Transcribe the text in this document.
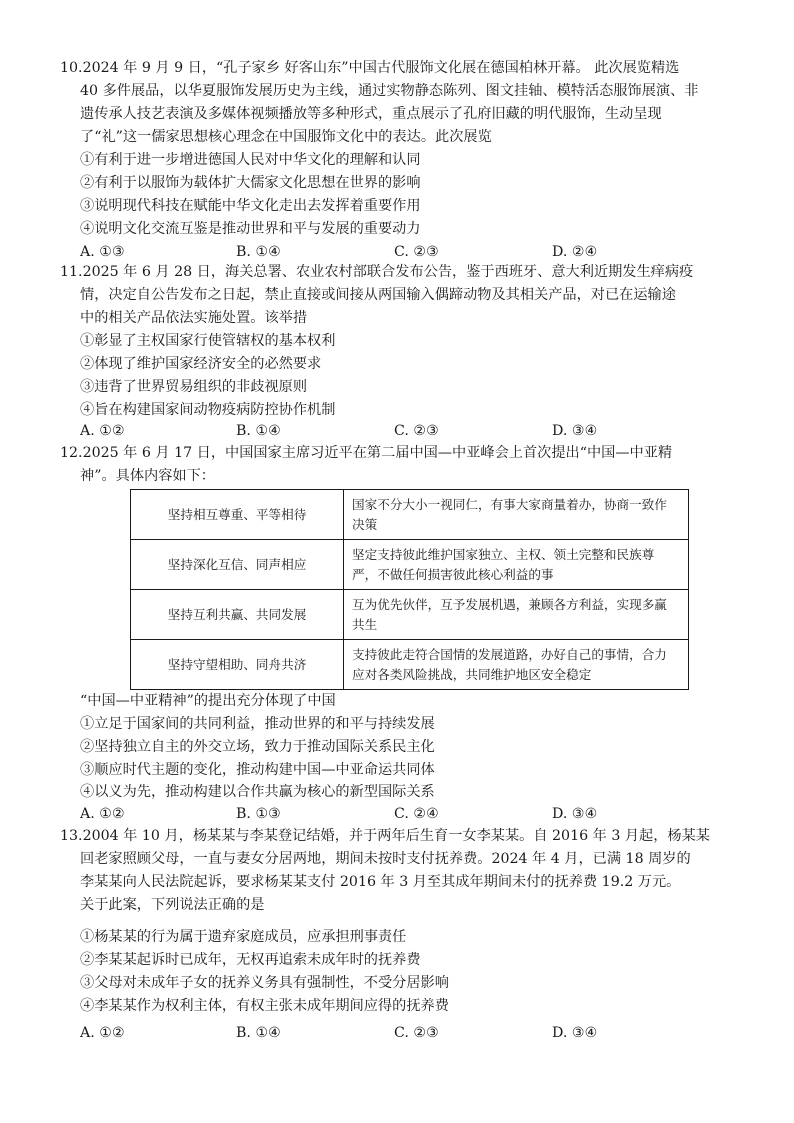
10.2024 年 9 月 9 日，“孔子家乡 好客山东”中国古代服饰文化展在德国柏林开幕。 此次展览精选
40 多件展品，以华夏服饰发展历史为主线，通过实物静态陈列、图文挂轴、模特活态服饰展演、非
遗传承人技艺表演及多媒体视频播放等多种形式，重点展示了孔府旧藏的明代服饰，生动呈现
了“礼”这一儒家思想核心理念在中国服饰文化中的表达。此次展览
①有利于进一步增进德国人民对中华文化的理解和认同
②有利于以服饰为载体扩大儒家文化思想在世界的影响
③说明现代科技在赋能中华文化走出去发挥着重要作用
④说明文化交流互鉴是推动世界和平与发展的重要动力
A. ①③	B. ①④	C. ②③	D. ②④
11.2025 年 6 月 28 日，海关总署、农业农村部联合发布公告，鉴于西班牙、意大利近期发生痒病疫
情，决定自公告发布之日起，禁止直接或间接从两国输入偶蹄动物及其相关产品，对已在运输途
中的相关产品依法实施处置。该举措
①彰显了主权国家行使管辖权的基本权利
②体现了维护国家经济安全的必然要求
③违背了世界贸易组织的非歧视原则
④旨在构建国家间动物疫病防控协作机制
A. ①②	B. ①④	C. ②③	D. ③④
12.2025 年 6 月 17 日，中国国家主席习近平在第二届中国—中亚峰会上首次提出“中国—中亚精
神”。具体内容如下：
坚持相互尊重、平等相待	国家不分大小一视同仁，有事大家商量着办，协商一致作
决策
坚持深化互信、同声相应	坚定支持彼此维护国家独立、主权、领土完整和民族尊
严，不做任何损害彼此核心利益的事
坚持互利共赢、共同发展	互为优先伙伴，互予发展机遇，兼顾各方利益，实现多赢
共生
坚持守望相助、同舟共济	支持彼此走符合国情的发展道路，办好自己的事情，合力
应对各类风险挑战，共同维护地区安全稳定
“中国—中亚精神”的提出充分体现了中国
①立足于国家间的共同利益，推动世界的和平与持续发展
②坚持独立自主的外交立场，致力于推动国际关系民主化
③顺应时代主题的变化，推动构建中国—中亚命运共同体
④以义为先，推动构建以合作共赢为核心的新型国际关系
A. ①②	B. ①③	C. ②④	D. ③④
13.2004 年 10 月，杨某某与李某登记结婚，并于两年后生育一女李某某。自 2016 年 3 月起，杨某某
回老家照顾父母，一直与妻女分居两地，期间未按时支付抚养费。2024 年 4 月，已满 18 周岁的
李某某向人民法院起诉，要求杨某某支付 2016 年 3 月至其成年期间未付的抚养费 19.2 万元。
关于此案，下列说法正确的是
①杨某某的行为属于遗弃家庭成员，应承担刑事责任
②李某某起诉时已成年，无权再追索未成年时的抚养费
③父母对未成年子女的抚养义务具有强制性，不受分居影响
④李某某作为权利主体，有权主张未成年期间应得的抚养费
A. ①②	B. ①④	C. ②③	D. ③④
